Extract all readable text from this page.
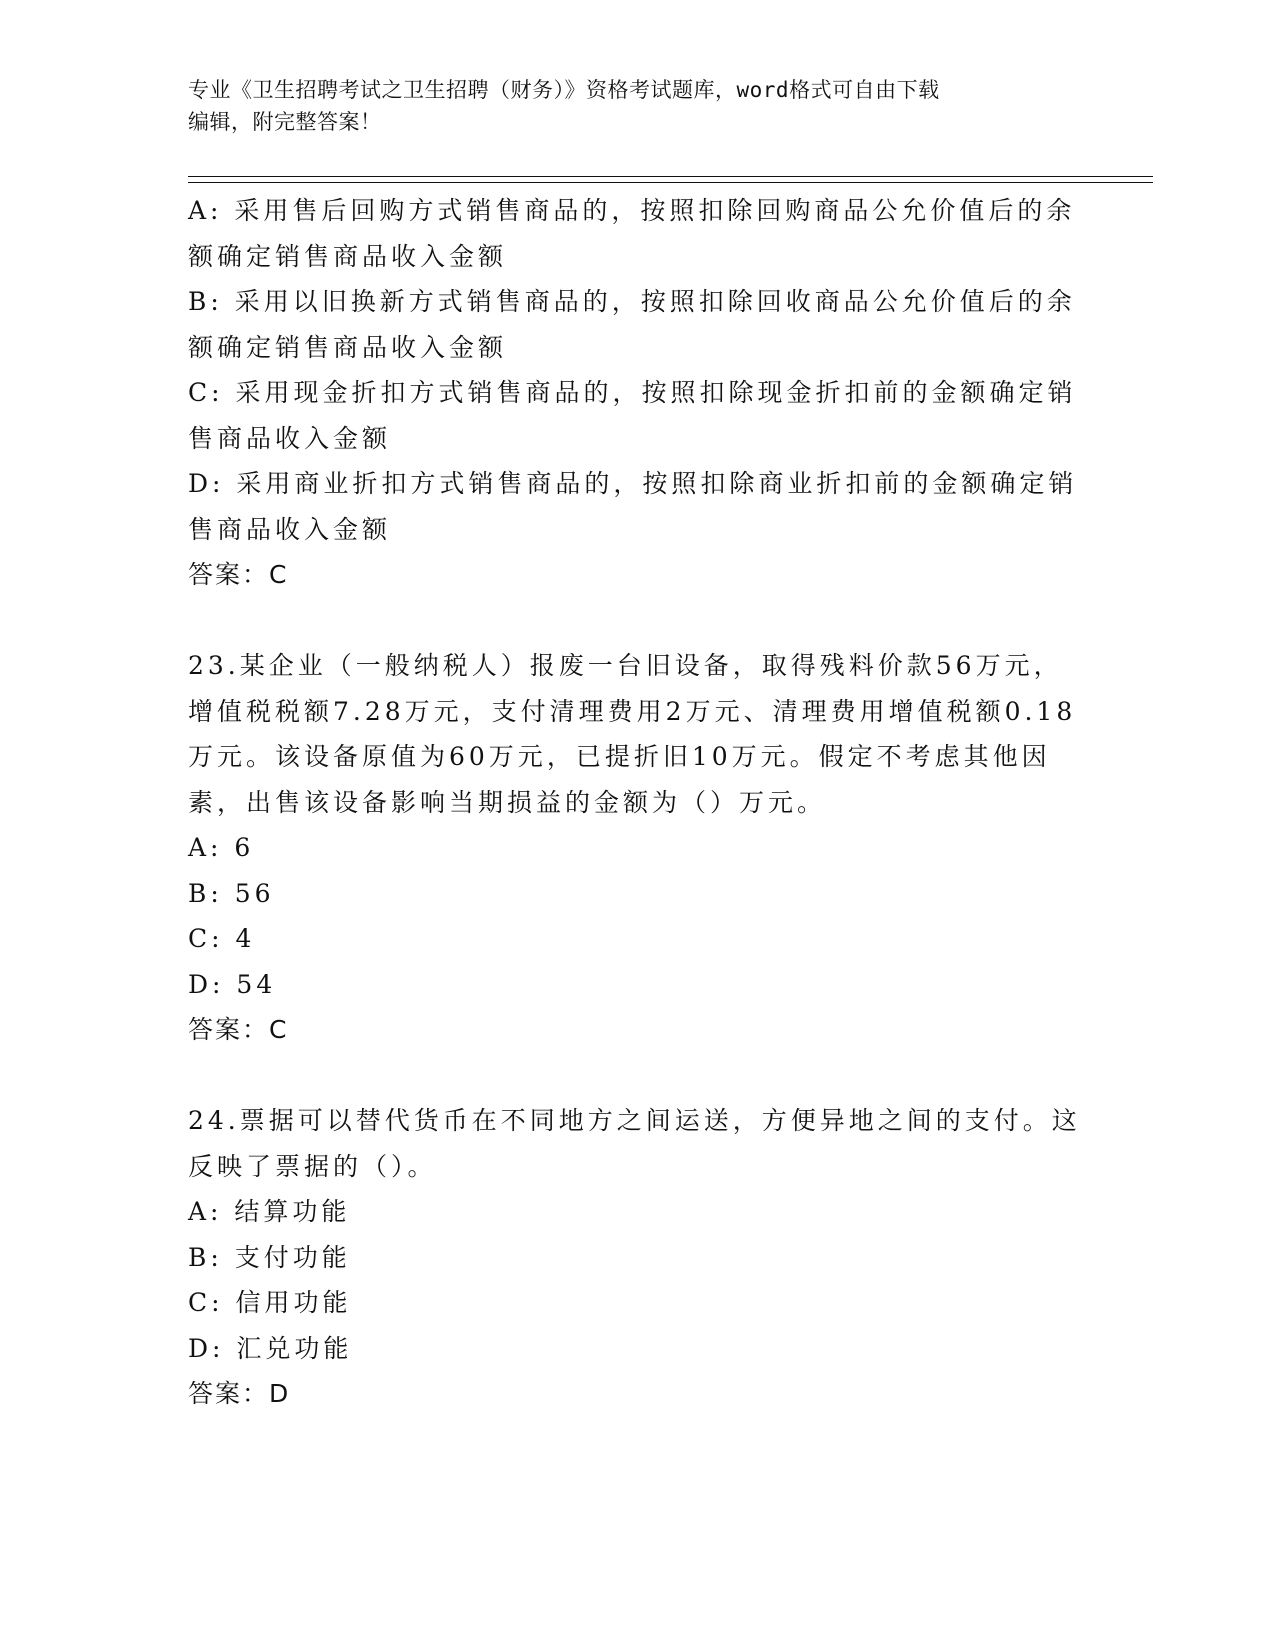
专业《卫生招聘考试之卫生招聘（财务）》资格考试题库，word格式可自由下载
编辑，附完整答案！
A: 采用售后回购方式销售商品的，按照扣除回购商品公允价值后的余
额确定销售商品收入金额
B: 采用以旧换新方式销售商品的，按照扣除回收商品公允价值后的余
额确定销售商品收入金额
C: 采用现金折扣方式销售商品的，按照扣除现金折扣前的金额确定销
售商品收入金额
D: 采用商业折扣方式销售商品的，按照扣除商业折扣前的金额确定销
售商品收入金额
答案：C
23.某企业（一般纳税人）报废一台旧设备，取得残料价款56万元，
增值税税额7.28万元，支付清理费用2万元、清理费用增值税额0.18
万元。该设备原值为60万元，已提折旧10万元。假定不考虑其他因
素，出售该设备影响当期损益的金额为（）万元。
A: 6
B: 56
C: 4
D: 54
答案：C
24.票据可以替代货币在不同地方之间运送，方便异地之间的支付。这
反映了票据的（）。
A: 结算功能
B: 支付功能
C: 信用功能
D: 汇兑功能
答案：D
